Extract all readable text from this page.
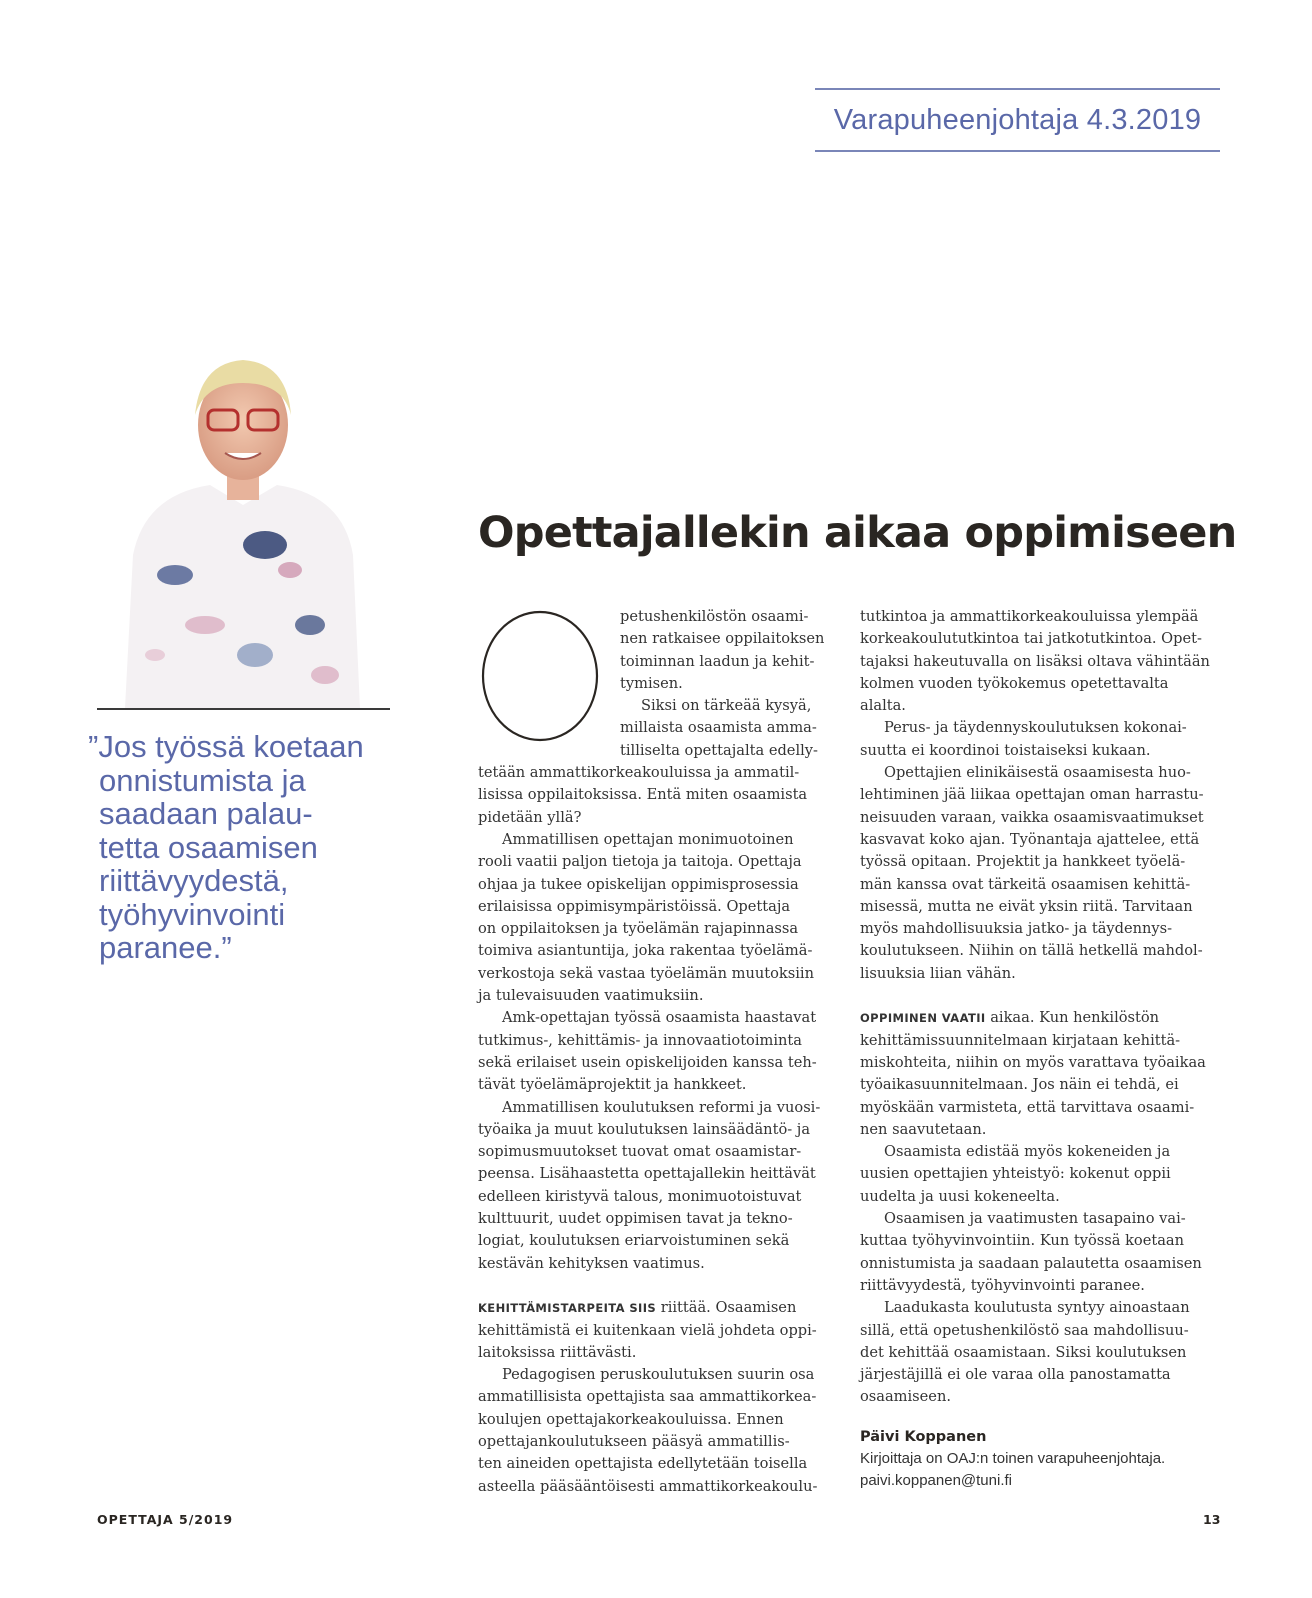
Varapuheenjohtaja 4.3.2019
”Jos työssä koetaan
onnistumista ja
saadaan palau-
tetta osaamisen
riittävyydestä,
työhyvinvointi
paranee.”
Opettajallekin aikaa oppimiseen
petushenkilöstön osaami-
nen ratkaisee oppilaitoksen
toiminnan laadun ja kehit-
tymisen.
Siksi on tärkeää kysyä,
millaista osaamista amma-
tilliselta opettajalta edelly-
tetään ammattikorkeakouluissa ja ammatil-
lisissa oppilaitoksissa. Entä miten osaamista
pidetään yllä?
Ammatillisen opettajan monimuotoinen
rooli vaatii paljon tietoja ja taitoja. Opettaja
ohjaa ja tukee opiskelijan oppimisprosessia
erilaisissa oppimisympäristöissä. Opettaja
on oppilaitoksen ja työelämän rajapinnassa
toimiva asiantuntija, joka rakentaa työelämä-
verkostoja sekä vastaa työelämän muutoksiin
ja tulevaisuuden vaatimuksiin.
Amk-opettajan työssä osaamista haastavat
tutkimus-, kehittämis- ja innovaatiotoiminta
sekä erilaiset usein opiskelijoiden kanssa teh-
tävät työelämäprojektit ja hankkeet.
Ammatillisen koulutuksen reformi ja vuosi-
työaika ja muut koulutuksen lainsäädäntö- ja
sopimusmuutokset tuovat omat osaamistar-
peensa. Lisähaastetta opettajallekin heittävät
edelleen kiristyvä talous, monimuotoistuvat
kulttuurit, uudet oppimisen tavat ja tekno-
logiat, koulutuksen eriarvoistuminen sekä
kestävän kehityksen vaatimus.
KEHITTÄMISTARPEITA SIIS riittää. Osaamisen
kehittämistä ei kuitenkaan vielä johdeta oppi-
laitoksissa riittävästi.
Pedagogisen peruskoulutuksen suurin osa
ammatillisista opettajista saa ammattikorkea-
koulujen opettajakorkeakouluissa. Ennen
opettajankoulutukseen pääsyä ammatillis-
ten aineiden opettajista edellytetään toisella
asteella pääsääntöisesti ammattikorkeakoulu-
tutkintoa ja ammattikorkeakouluissa ylempää
korkeakoulututkintoa tai jatkotutkintoa. Opet-
tajaksi hakeutuvalla on lisäksi oltava vähintään
kolmen vuoden työkokemus opetettavalta
alalta.
Perus- ja täydennyskoulutuksen kokonai-
suutta ei koordinoi toistaiseksi kukaan.
Opettajien elinikäisestä osaamisesta huo-
lehtiminen jää liikaa opettajan oman harrastu-
neisuuden varaan, vaikka osaamisvaatimukset
kasvavat koko ajan. Työnantaja ajattelee, että
työssä opitaan. Projektit ja hankkeet työelä-
män kanssa ovat tärkeitä osaamisen kehittä-
misessä, mutta ne eivät yksin riitä. Tarvitaan
myös mahdollisuuksia jatko- ja täydennys-
koulutukseen. Niihin on tällä hetkellä mahdol-
lisuuksia liian vähän.
OPPIMINEN VAATII aikaa. Kun henkilöstön
kehittämissuunnitelmaan kirjataan kehittä-
miskohteita, niihin on myös varattava työaikaa
työaikasuunnitelmaan. Jos näin ei tehdä, ei
myöskään varmisteta, että tarvittava osaami-
nen saavutetaan.
Osaamista edistää myös kokeneiden ja
uusien opettajien yhteistyö: kokenut oppii
uudelta ja uusi kokeneelta.
Osaamisen ja vaatimusten tasapaino vai-
kuttaa työhyvinvointiin. Kun työssä koetaan
onnistumista ja saadaan palautetta osaamisen
riittävyydestä, työhyvinvointi paranee.
Laadukasta koulutusta syntyy ainoastaan
sillä, että opetushenkilöstö saa mahdollisuu-
det kehittää osaamistaan. Siksi koulutuksen
järjestäjillä ei ole varaa olla panostamatta
osaamiseen.
Päivi Koppanen
Kirjoittaja on OAJ:n toinen varapuheenjohtaja.
paivi.koppanen@tuni.fi
OPETTAJA 5/2019	13
